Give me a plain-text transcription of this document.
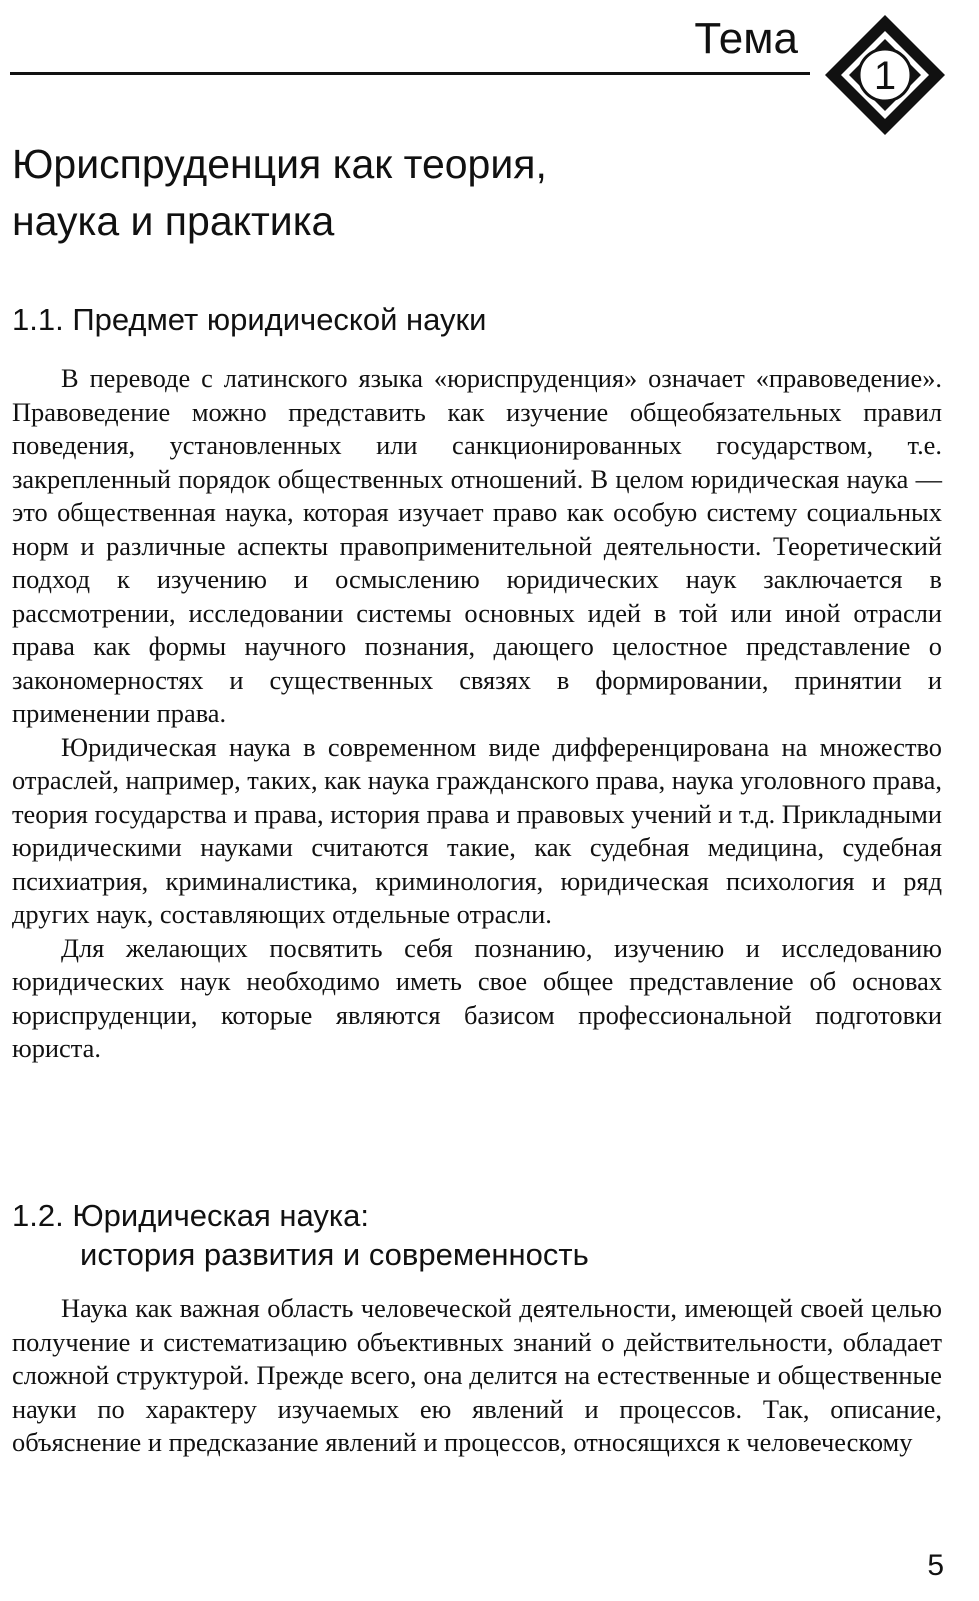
Тема
1
Юриспруденция как теория,
наука и практика
1.1. Предмет юридической науки

В переводе с латинского языка «юриспруденция» означает «правоведение». Правоведение можно представить как изучение общеобязательных правил поведения, установленных или санкционированных государством, т.е. закрепленный порядок общественных отношений. В целом юридическая наука — это общественная наука, которая изучает право как особую систему социальных норм и различные аспекты правоприменительной деятельности. Теоретический подход к изучению и осмыслению юридических наук заключается в рассмотрении, исследовании системы основных идей в той или иной отрасли права как формы научного познания, дающего целостное представление о закономерностях и существенных связях в формировании, принятии и применении права.

Юридическая наука в современном виде дифференцирована на множество отраслей, например, таких, как наука гражданского права, наука уголовного права, теория государства и права, история права и правовых учений и т.д. Прикладными юридическими науками считаются такие, как судебная медицина, судебная психиатрия, криминалистика, криминология, юридическая психология и ряд других наук, составляющих отдельные отрасли.

Для желающих посвятить себя познанию, изучению и исследованию юридических наук необходимо иметь свое общее представление об основах юриспруденции, которые являются базисом профессиональной подготовки юриста.

1.2. Юридическая наука:
история развития и современность

Наука как важная область человеческой деятельности, имеющей своей целью получение и систематизацию объективных знаний о действительности, обладает сложной структурой. Прежде всего, она делится на естественные и общественные науки по характеру изучаемых ею явлений и процессов. Так, описание, объяснение и предсказание явлений и процессов, относящихся к человеческому

5
